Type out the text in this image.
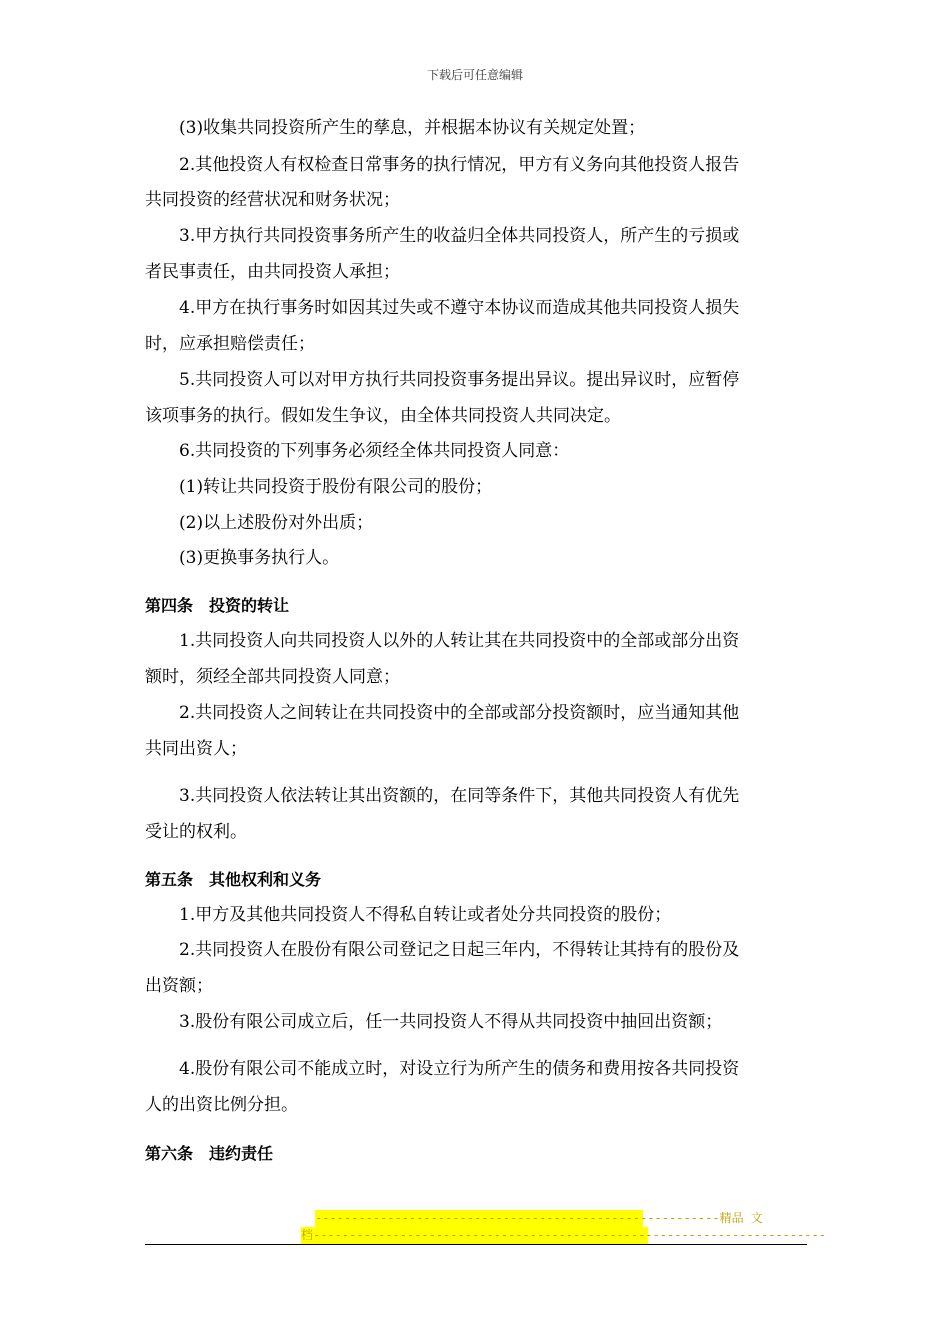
下载后可任意编辑
(3)收集共同投资所产生的孳息，并根据本协议有关规定处置；
2.其他投资人有权检查日常事务的执行情况，甲方有义务向其他投资人报告
共同投资的经营状况和财务状况；
3.甲方执行共同投资事务所产生的收益归全体共同投资人，所产生的亏损或
者民事责任，由共同投资人承担；
4.甲方在执行事务时如因其过失或不遵守本协议而造成其他共同投资人损失
时，应承担赔偿责任；
5.共同投资人可以对甲方执行共同投资事务提出异议。提出异议时，应暂停
该项事务的执行。假如发生争议，由全体共同投资人共同决定。
6.共同投资的下列事务必须经全体共同投资人同意：
(1)转让共同投资于股份有限公司的股份；
(2)以上述股份对外出质；
(3)更换事务执行人。
第四条　投资的转让
1.共同投资人向共同投资人以外的人转让其在共同投资中的全部或部分出资
额时，须经全部共同投资人同意；
2.共同投资人之间转让在共同投资中的全部或部分投资额时，应当通知其他
共同出资人；
3.共同投资人依法转让其出资额的，在同等条件下，其他共同投资人有优先
受让的权利。
第五条　其他权利和义务
1.甲方及其他共同投资人不得私自转让或者处分共同投资的股份；
2.共同投资人在股份有限公司登记之日起三年内，不得转让其持有的股份及
出资额；
3.股份有限公司成立后，任一共同投资人不得从共同投资中抽回出资额；
4.股份有限公司不能成立时，对设立行为所产生的债务和费用按各共同投资
人的出资比例分担。
第六条　违约责任
--------------------------------------------------------精品 文
档-----------------------------------------------------------------------
